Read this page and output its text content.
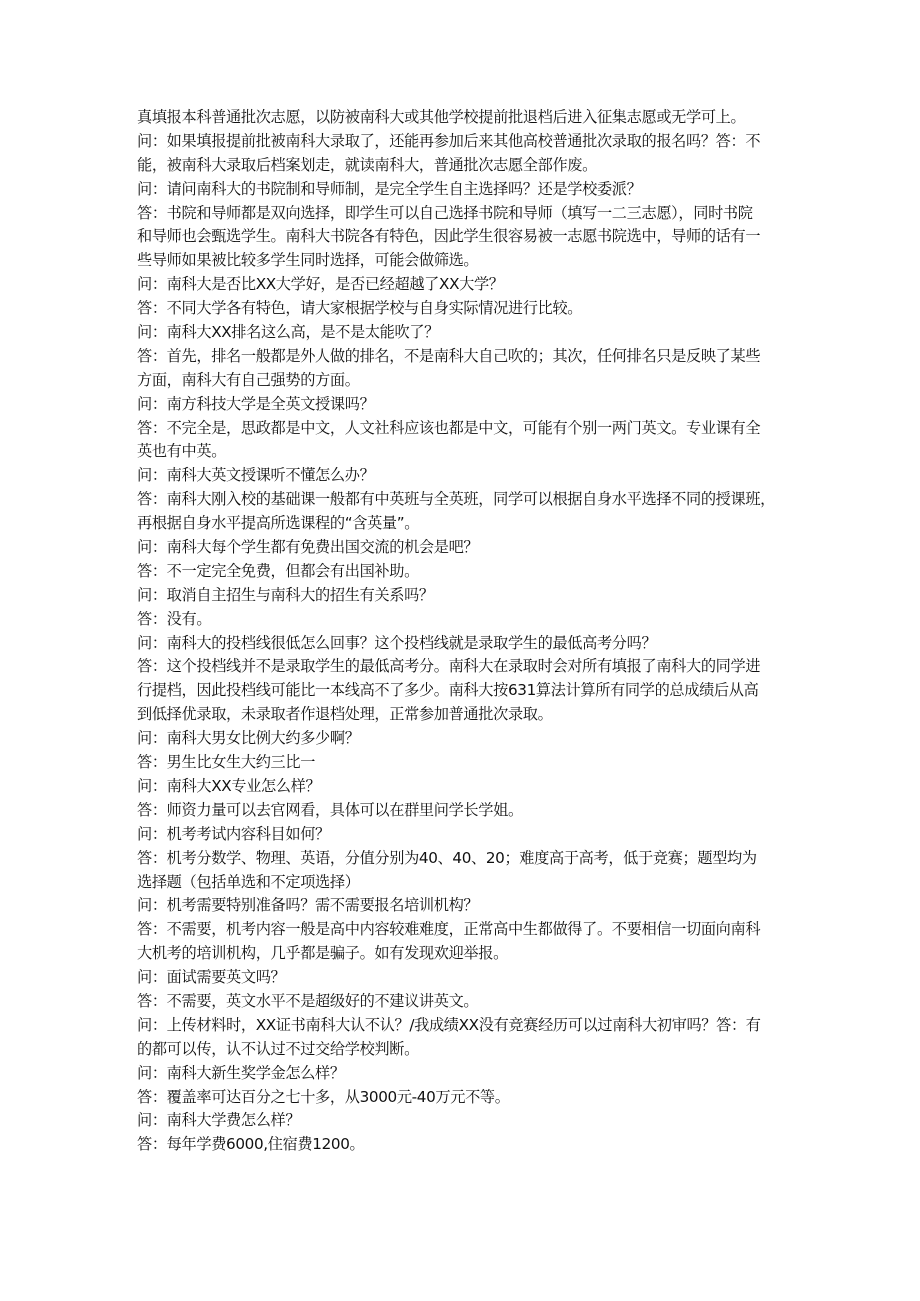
真填报本科普通批次志愿，以防被南科大或其他学校提前批退档后进入征集志愿或无学可上。
问：如果填报提前批被南科大录取了，还能再参加后来其他高校普通批次录取的报名吗？答：不
能，被南科大录取后档案划走，就读南科大，普通批次志愿全部作废。
问：请问南科大的书院制和导师制，是完全学生自主选择吗？还是学校委派？
答：书院和导师都是双向选择，即学生可以自己选择书院和导师（填写一二三志愿），同时书院
和导师也会甄选学生。南科大书院各有特色，因此学生很容易被一志愿书院选中，导师的话有一
些导师如果被比较多学生同时选择，可能会做筛选。
问：南科大是否比XX大学好，是否已经超越了XX大学？
答：不同大学各有特色，请大家根据学校与自身实际情况进行比较。
问：南科大XX排名这么高，是不是太能吹了？
答：首先，排名一般都是外人做的排名，不是南科大自己吹的；其次，任何排名只是反映了某些
方面，南科大有自己强势的方面。
问：南方科技大学是全英文授课吗？
答：不完全是，思政都是中文，人文社科应该也都是中文，可能有个别一两门英文。专业课有全
英也有中英。
问：南科大英文授课听不懂怎么办？
答：南科大刚入校的基础课一般都有中英班与全英班，同学可以根据自身水平选择不同的授课班，
再根据自身水平提高所选课程的“含英量”。
问：南科大每个学生都有免费出国交流的机会是吧？
答：不一定完全免费，但都会有出国补助。
问：取消自主招生与南科大的招生有关系吗？
答：没有。
问：南科大的投档线很低怎么回事？这个投档线就是录取学生的最低高考分吗？
答：这个投档线并不是录取学生的最低高考分。南科大在录取时会对所有填报了南科大的同学进
行提档，因此投档线可能比一本线高不了多少。南科大按631算法计算所有同学的总成绩后从高
到低择优录取，未录取者作退档处理，正常参加普通批次录取。
问：南科大男女比例大约多少啊？
答：男生比女生大约三比一
问：南科大XX专业怎么样？
答：师资力量可以去官网看，具体可以在群里问学长学姐。
问：机考考试内容科目如何？
答：机考分数学、物理、英语，分值分别为40、40、20；难度高于高考，低于竞赛；题型均为
选择题（包括单选和不定项选择）
问：机考需要特别准备吗？需不需要报名培训机构？
答：不需要，机考内容一般是高中内容较难难度，正常高中生都做得了。不要相信一切面向南科
大机考的培训机构，几乎都是骗子。如有发现欢迎举报。
问：面试需要英文吗？
答：不需要，英文水平不是超级好的不建议讲英文。
问：上传材料时，XX证书南科大认不认？/我成绩XX没有竞赛经历可以过南科大初审吗？答：有
的都可以传，认不认过不过交给学校判断。
问：南科大新生奖学金怎么样？
答：覆盖率可达百分之七十多，从3000元-40万元不等。
问：南科大学费怎么样？
答：每年学费6000,住宿费1200。
